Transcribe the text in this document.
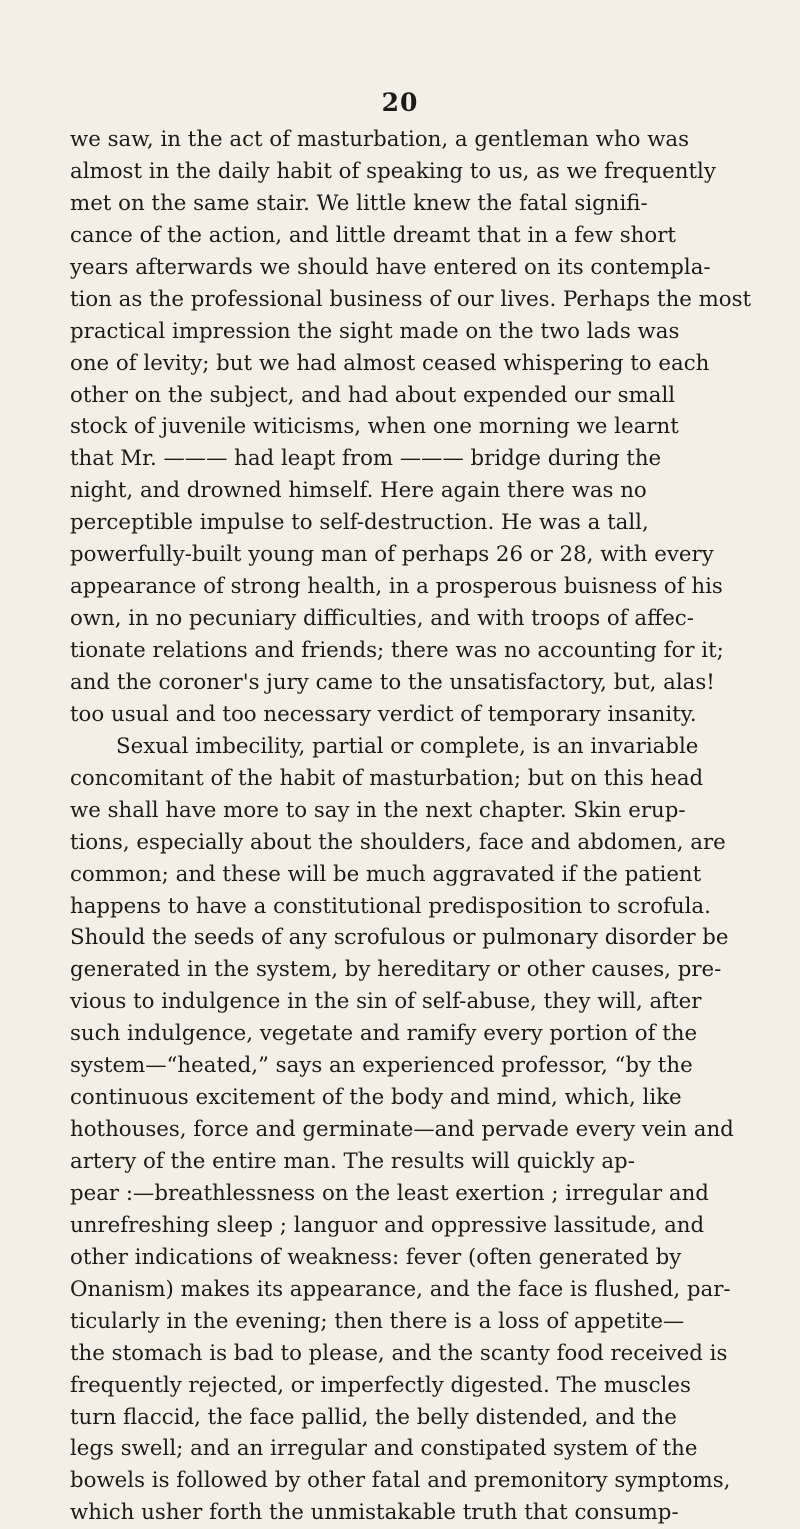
20
we saw, in the act of masturbation, a gentleman who was
almost in the daily habit of speaking to us, as we frequently
met on the same stair. We little knew the fatal signifi-
cance of the action, and little dreamt that in a few short
years afterwards we should have entered on its contempla-
tion as the professional business of our lives. Perhaps the most
practical impression the sight made on the two lads was
one of levity; but we had almost ceased whispering to each
other on the subject, and had about expended our small
stock of juvenile witicisms, when one morning we learnt
that Mr. ——— had leapt from ——— bridge during the
night, and drowned himself. Here again there was no
perceptible impulse to self-destruction. He was a tall,
powerfully-built young man of perhaps 26 or 28, with every
appearance of strong health, in a prosperous buisness of his
own, in no pecuniary difficulties, and with troops of affec-
tionate relations and friends; there was no accounting for it;
and the coroner's jury came to the unsatisfactory, but, alas!
too usual and too necessary verdict of temporary insanity.
Sexual imbecility, partial or complete, is an invariable
concomitant of the habit of masturbation; but on this head
we shall have more to say in the next chapter. Skin erup-
tions, especially about the shoulders, face and abdomen, are
common; and these will be much aggravated if the patient
happens to have a constitutional predisposition to scrofula.
Should the seeds of any scrofulous or pulmonary disorder be
generated in the system, by hereditary or other causes, pre-
vious to indulgence in the sin of self-abuse, they will, after
such indulgence, vegetate and ramify every portion of the
system—“heated,” says an experienced professor, “by the
continuous excitement of the body and mind, which, like
hothouses, force and germinate—and pervade every vein and
artery of the entire man. The results will quickly ap-
pear :—breathlessness on the least exertion ; irregular and
unrefreshing sleep ; languor and oppressive lassitude, and
other indications of weakness: fever (often generated by
Onanism) makes its appearance, and the face is flushed, par-
ticularly in the evening; then there is a loss of appetite—
the stomach is bad to please, and the scanty food received is
frequently rejected, or imperfectly digested. The muscles
turn flaccid, the face pallid, the belly distended, and the
legs swell; and an irregular and constipated system of the
bowels is followed by other fatal and premonitory symptoms,
which usher forth the unmistakable truth that consump-
